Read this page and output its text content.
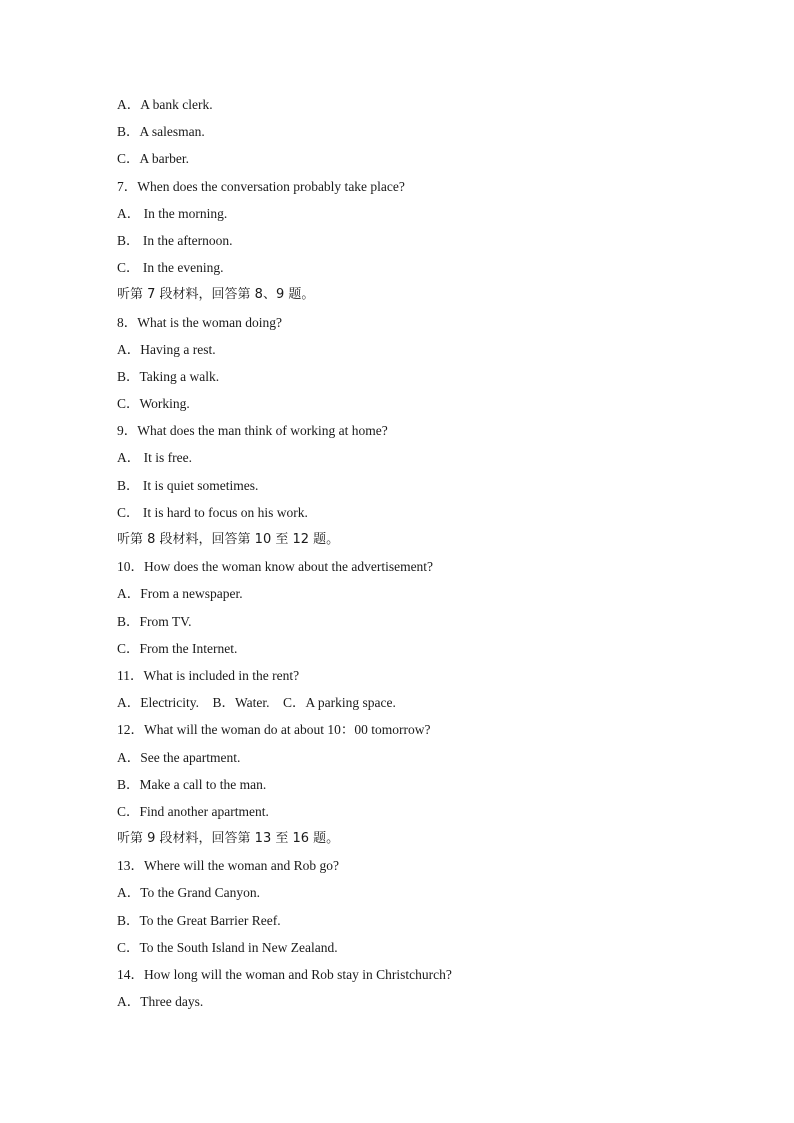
A．A bank clerk.
B．A salesman.
C．A barber.
7．When does the conversation probably take place?
A． In the morning.
B． In the afternoon.
C． In the evening.
听第 7 段材料，回答第 8、9 题。
8．What is the woman doing?
A．Having a rest.
B．Taking a walk.
C．Working.
9．What does the man think of working at home?
A． It is free.
B． It is quiet sometimes.
C． It is hard to focus on his work.
听第 8 段材料，回答第 10 至 12 题。
10．How does the woman know about the advertisement?
A．From a newspaper.
B．From TV.
C．From the Internet.
11．What is included in the rent?
A．Electricity.    B．Water.    C．A parking space.
12．What will the woman do at about 10：00 tomorrow?
A．See the apartment.
B．Make a call to the man.
C．Find another apartment.
听第 9 段材料，回答第 13 至 16 题。
13．Where will the woman and Rob go?
A．To the Grand Canyon.
B．To the Great Barrier Reef.
C．To the South Island in New Zealand.
14．How long will the woman and Rob stay in Christchurch?
A．Three days.
